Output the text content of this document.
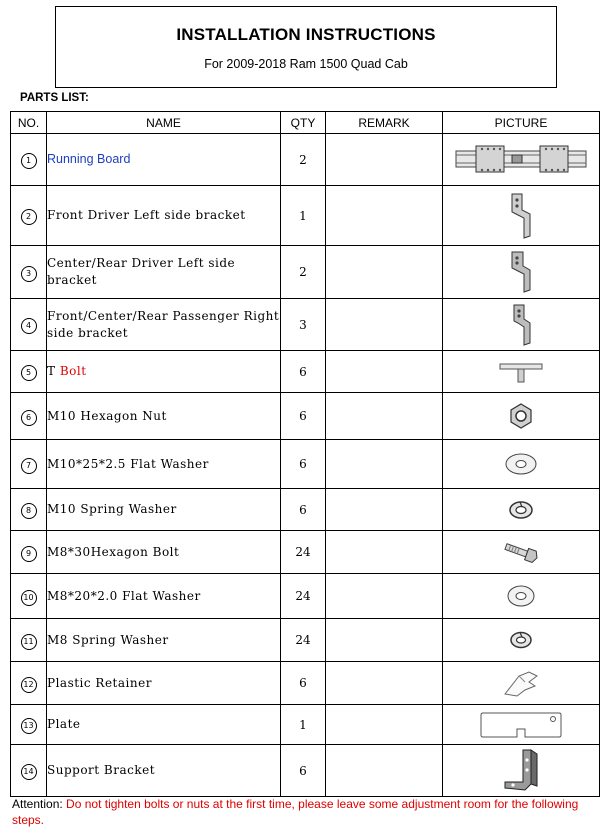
INSTALLATION INSTRUCTIONS
For 2009-2018 Ram 1500 Quad Cab
PARTS LIST:
NO.	NAME	QTY	REMARK	PICTURE
1	Running Board	2		

2	Front Driver Left side bracket	1		

3	Center/Rear Driver Left side bracket	2		

4	Front/Center/Rear Passenger Right side bracket	3		

5	T Bolt	6		

6	M10 Hexagon Nut	6		

7	M10*25*2.5 Flat Washer	6		

8	M10 Spring Washer	6		

9	M8*30Hexagon Bolt	24		

10	M8*20*2.0 Flat Washer	24		

11	M8 Spring Washer	24		

12	Plastic Retainer	6		

13	Plate	1		

14	Support Bracket	6		
Attention: Do not tighten bolts or nuts at the first time, please leave some adjustment room for the following steps.
